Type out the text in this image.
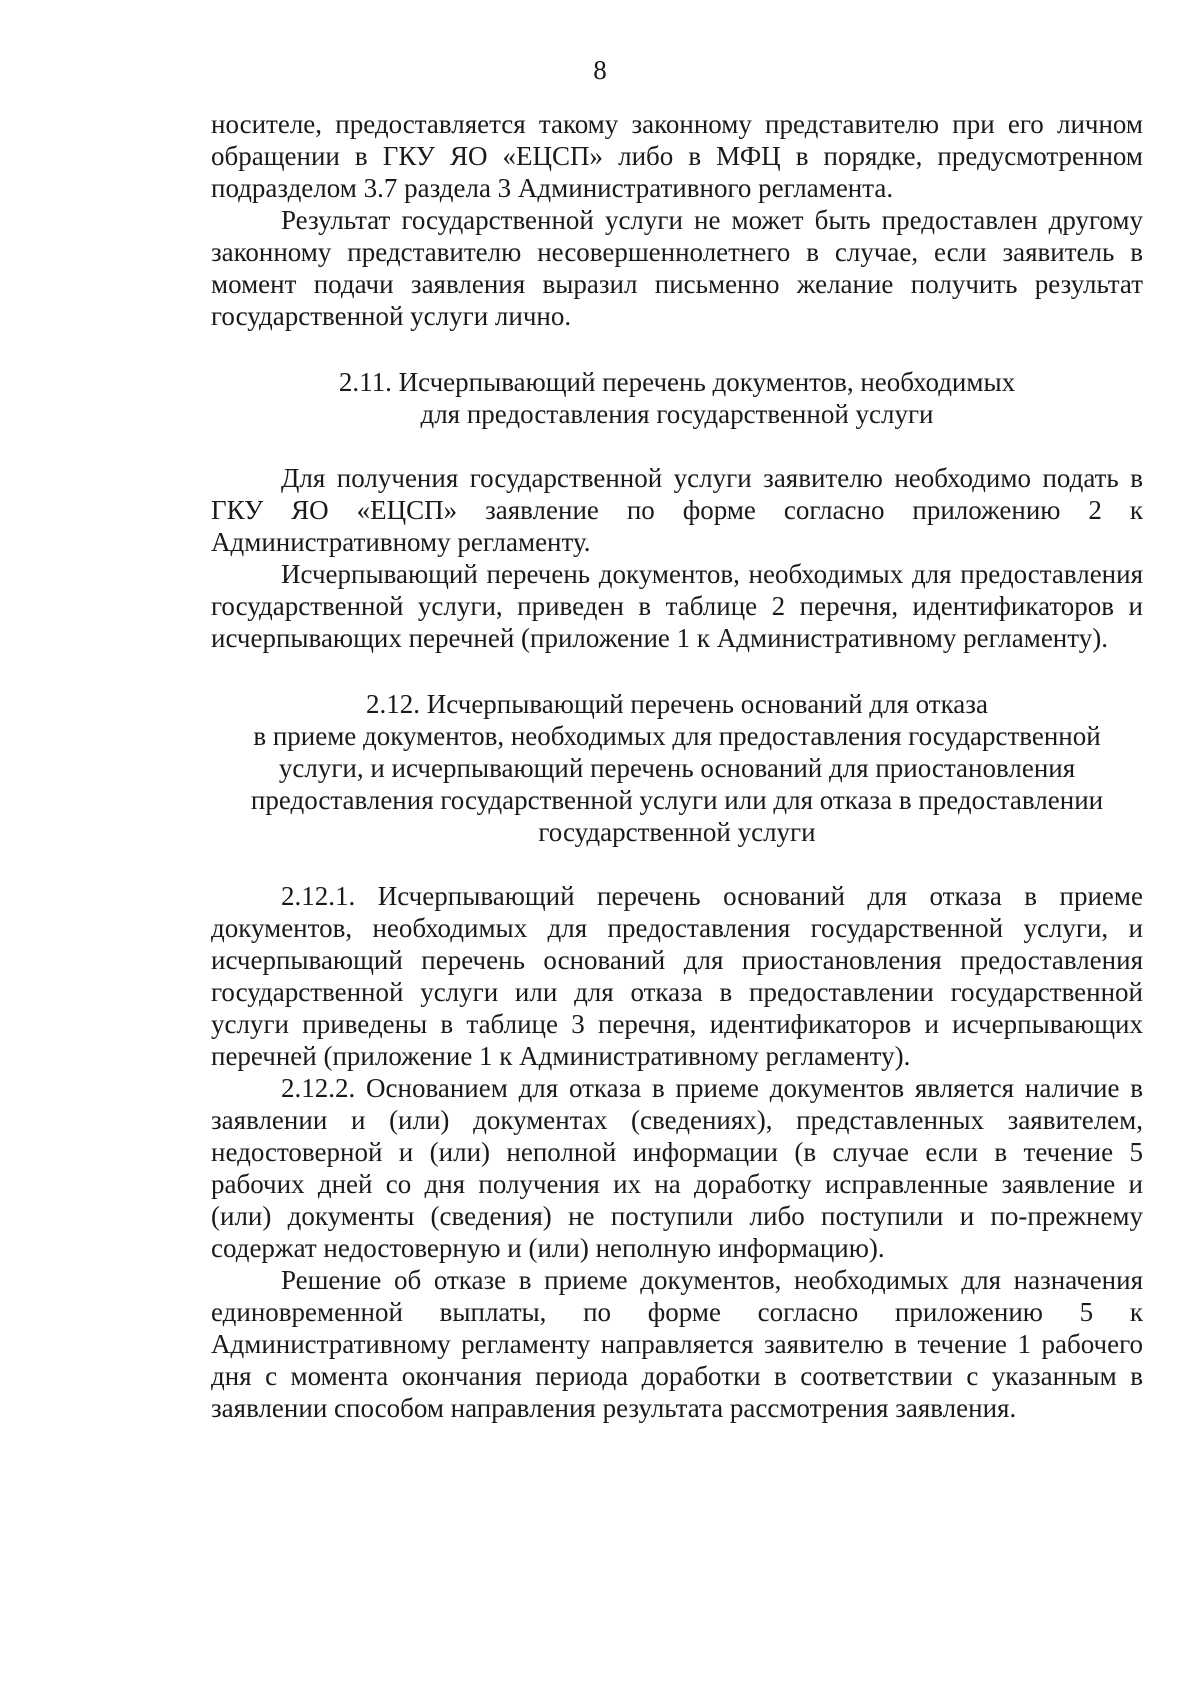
8

носителе, предоставляется такому законному представителю при его личном обращении в ГКУ ЯО «ЕЦСП» либо в МФЦ в порядке, предусмотренном подразделом 3.7 раздела 3 Административного регламента.

Результат государственной услуги не может быть предоставлен другому законному представителю несовершеннолетнего в случае, если заявитель в момент подачи заявления выразил письменно желание получить результат государственной услуги лично.

2.11. Исчерпывающий перечень документов, необходимых
для предоставления государственной услуги

Для получения государственной услуги заявителю необходимо подать в ГКУ ЯО «ЕЦСП» заявление по форме согласно приложению 2 к Административному регламенту.

Исчерпывающий перечень документов, необходимых для предоставления государственной услуги, приведен в таблице 2 перечня, идентификаторов и исчерпывающих перечней (приложение 1 к Административному регламенту).

2.12. Исчерпывающий перечень оснований для отказа
в приеме документов, необходимых для предоставления государственной
услуги, и исчерпывающий перечень оснований для приостановления
предоставления государственной услуги или для отказа в предоставлении
государственной услуги

2.12.1. Исчерпывающий перечень оснований для отказа в приеме документов, необходимых для предоставления государственной услуги, и исчерпывающий перечень оснований для приостановления предоставления государственной услуги или для отказа в предоставлении государственной услуги приведены в таблице 3 перечня, идентификаторов и исчерпывающих перечней (приложение 1 к Административному регламенту).

2.12.2. Основанием для отказа в приеме документов является наличие в заявлении и (или) документах (сведениях), представленных заявителем, недостоверной и (или) неполной информации (в случае если в течение 5 рабочих дней со дня получения их на доработку исправленные заявление и (или) документы (сведения) не поступили либо поступили и по-прежнему содержат недостоверную и (или) неполную информацию).

Решение об отказе в приеме документов, необходимых для назначения единовременной выплаты, по форме согласно приложению 5 к Административному регламенту направляется заявителю в течение 1 рабочего дня с момента окончания периода доработки в соответствии с указанным в заявлении способом направления результата рассмотрения заявления.
